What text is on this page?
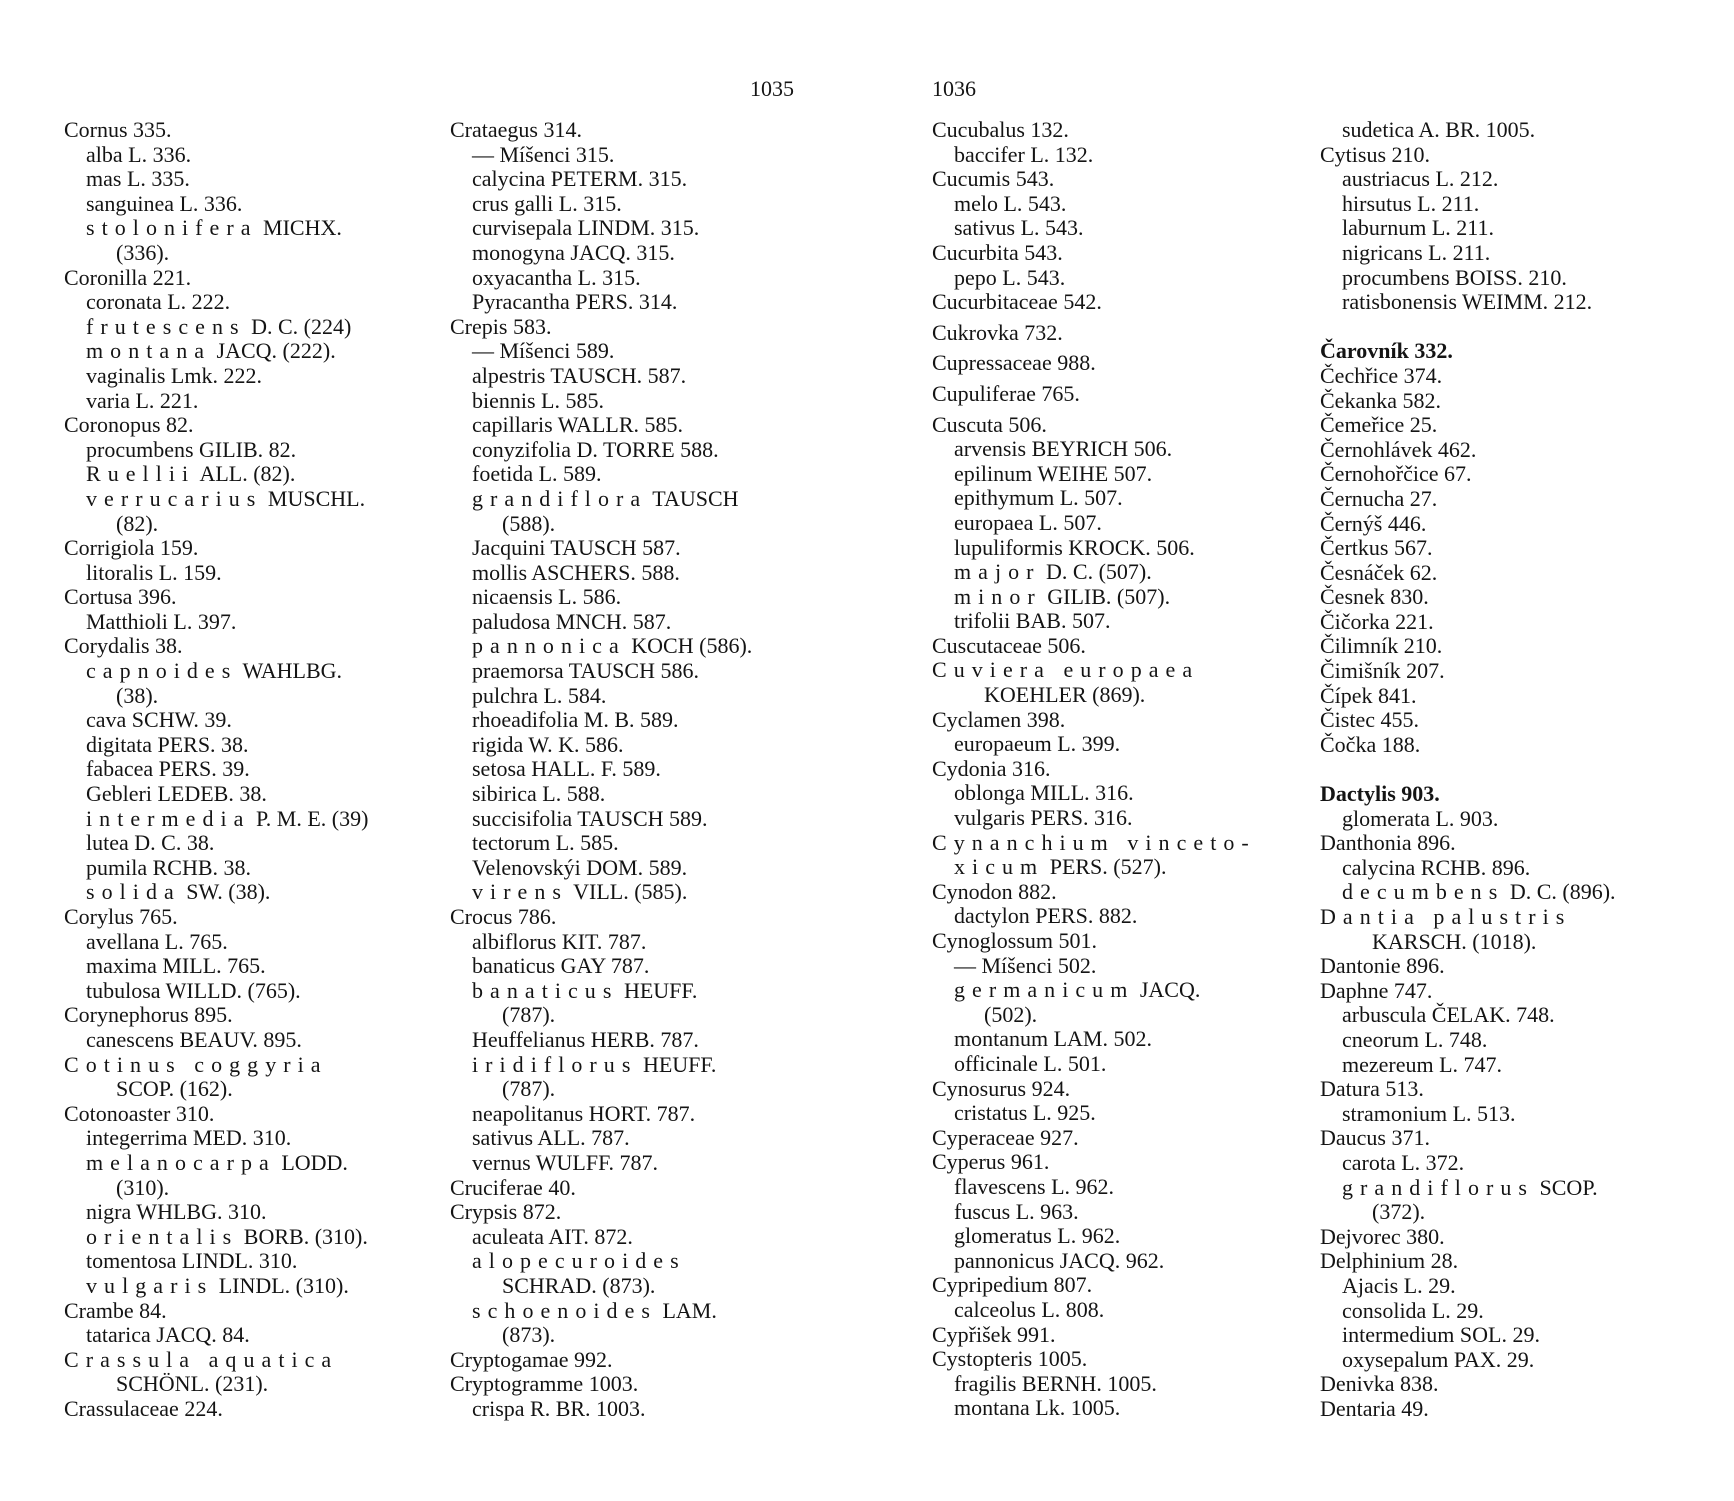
1035
Cornus 335.
alba L. 336.
mas L. 335.
sanguinea L. 336.
stolonifera MICHX.
(336).
Coronilla 221.
coronata L. 222.
frutescens D. C. (224)
montana JACQ. (222).
vaginalis Lmk. 222.
varia L. 221.
Coronopus 82.
procumbens GILIB. 82.
Ruellii ALL. (82).
verrucarius MUSCHL.
(82).
Corrigiola 159.
litoralis L. 159.
Cortusa 396.
Matthioli L. 397.
Corydalis 38.
capnoides WAHLBG.
(38).
cava SCHW. 39.
digitata PERS. 38.
fabacea PERS. 39.
Gebleri LEDEB. 38.
intermedia P. M. E. (39)
lutea D. C. 38.
pumila RCHB. 38.
solida SW. (38).
Corylus 765.
avellana L. 765.
maxima MILL. 765.
tubulosa WILLD. (765).
Corynephorus 895.
canescens BEAUV. 895.
Cotinus coggyria
SCOP. (162).
Cotonoaster 310.
integerrima MED. 310.
melanocarpa LODD.
(310).
nigra WHLBG. 310.
orientalis BORB. (310).
tomentosa LINDL. 310.
vulgaris LINDL. (310).
Crambe 84.
tatarica JACQ. 84.
Crassula aquatica
SCHÖNL. (231).
Crassulaceae 224.
Crataegus 314.
— Míšenci 315.
calycina PETERM. 315.
crus galli L. 315.
curvisepala LINDM. 315.
monogyna JACQ. 315.
oxyacantha L. 315.
Pyracantha PERS. 314.
Crepis 583.
— Míšenci 589.
alpestris TAUSCH. 587.
biennis L. 585.
capillaris WALLR. 585.
conyzifolia D. TORRE 588.
foetida L. 589.
grandiflora TAUSCH
(588).
Jacquini TAUSCH 587.
mollis ASCHERS. 588.
nicaensis L. 586.
paludosa MNCH. 587.
pannonica KOCH (586).
praemorsa TAUSCH 586.
pulchra L. 584.
rhoeadifolia M. B. 589.
rigida W. K. 586.
setosa HALL. F. 589.
sibirica L. 588.
succisifolia TAUSCH 589.
tectorum L. 585.
Velenovskýi DOM. 589.
virens VILL. (585).
Crocus 786.
albiflorus KIT. 787.
banaticus GAY 787.
banaticus HEUFF.
(787).
Heuffelianus HERB. 787.
iridiflorus HEUFF.
(787).
neapolitanus HORT. 787.
sativus ALL. 787.
vernus WULFF. 787.
Cruciferae 40.
Crypsis 872.
aculeata AIT. 872.
alopecuroides
SCHRAD. (873).
schoenoides LAM.
(873).
Cryptogamae 992.
Cryptogramme 1003.
crispa R. BR. 1003.
1036
Cucubalus 132.
baccifer L. 132.
Cucumis 543.
melo L. 543.
sativus L. 543.
Cucurbita 543.
pepo L. 543.
Cucurbitaceae 542.
Cukrovka 732.
Cupressaceae 988.
Cupuliferae 765.
Cuscuta 506.
arvensis BEYRICH 506.
epilinum WEIHE 507.
epithymum L. 507.
europaea L. 507.
lupuliformis KROCK. 506.
major D. C. (507).
minor GILIB. (507).
trifolii BAB. 507.
Cuscutaceae 506.
Cuviera europaea
KOEHLER (869).
Cyclamen 398.
europaeum L. 399.
Cydonia 316.
oblonga MILL. 316.
vulgaris PERS. 316.
Cynanchium vinceto-
xicum PERS. (527).
Cynodon 882.
dactylon PERS. 882.
Cynoglossum 501.
— Míšenci 502.
germanicum JACQ.
(502).
montanum LAM. 502.
officinale L. 501.
Cynosurus 924.
cristatus L. 925.
Cyperaceae 927.
Cyperus 961.
flavescens L. 962.
fuscus L. 963.
glomeratus L. 962.
pannonicus JACQ. 962.
Cypripedium 807.
calceolus L. 808.
Cypřišek 991.
Cystopteris 1005.
fragilis BERNH. 1005.
montana Lk. 1005.
sudetica A. BR. 1005.
Cytisus 210.
austriacus L. 212.
hirsutus L. 211.
laburnum L. 211.
nigricans L. 211.
procumbens BOISS. 210.
ratisbonensis WEIMM. 212.
Čarovník 332.
Čechřice 374.
Čekanka 582.
Čemeřice 25.
Černohlávek 462.
Černohořčice 67.
Černucha 27.
Černýš 446.
Čertkus 567.
Česnáček 62.
Česnek 830.
Čičorka 221.
Čilimník 210.
Čimišník 207.
Čípek 841.
Čistec 455.
Čočka 188.
Dactylis 903.
glomerata L. 903.
Danthonia 896.
calycina RCHB. 896.
decumbens D. C. (896).
Dantia palustris
KARSCH. (1018).
Dantonie 896.
Daphne 747.
arbuscula ČELAK. 748.
cneorum L. 748.
mezereum L. 747.
Datura 513.
stramonium L. 513.
Daucus 371.
carota L. 372.
grandiflorus SCOP.
(372).
Dejvorec 380.
Delphinium 28.
Ajacis L. 29.
consolida L. 29.
intermedium SOL. 29.
oxysepalum PAX. 29.
Denivka 838.
Dentaria 49.
